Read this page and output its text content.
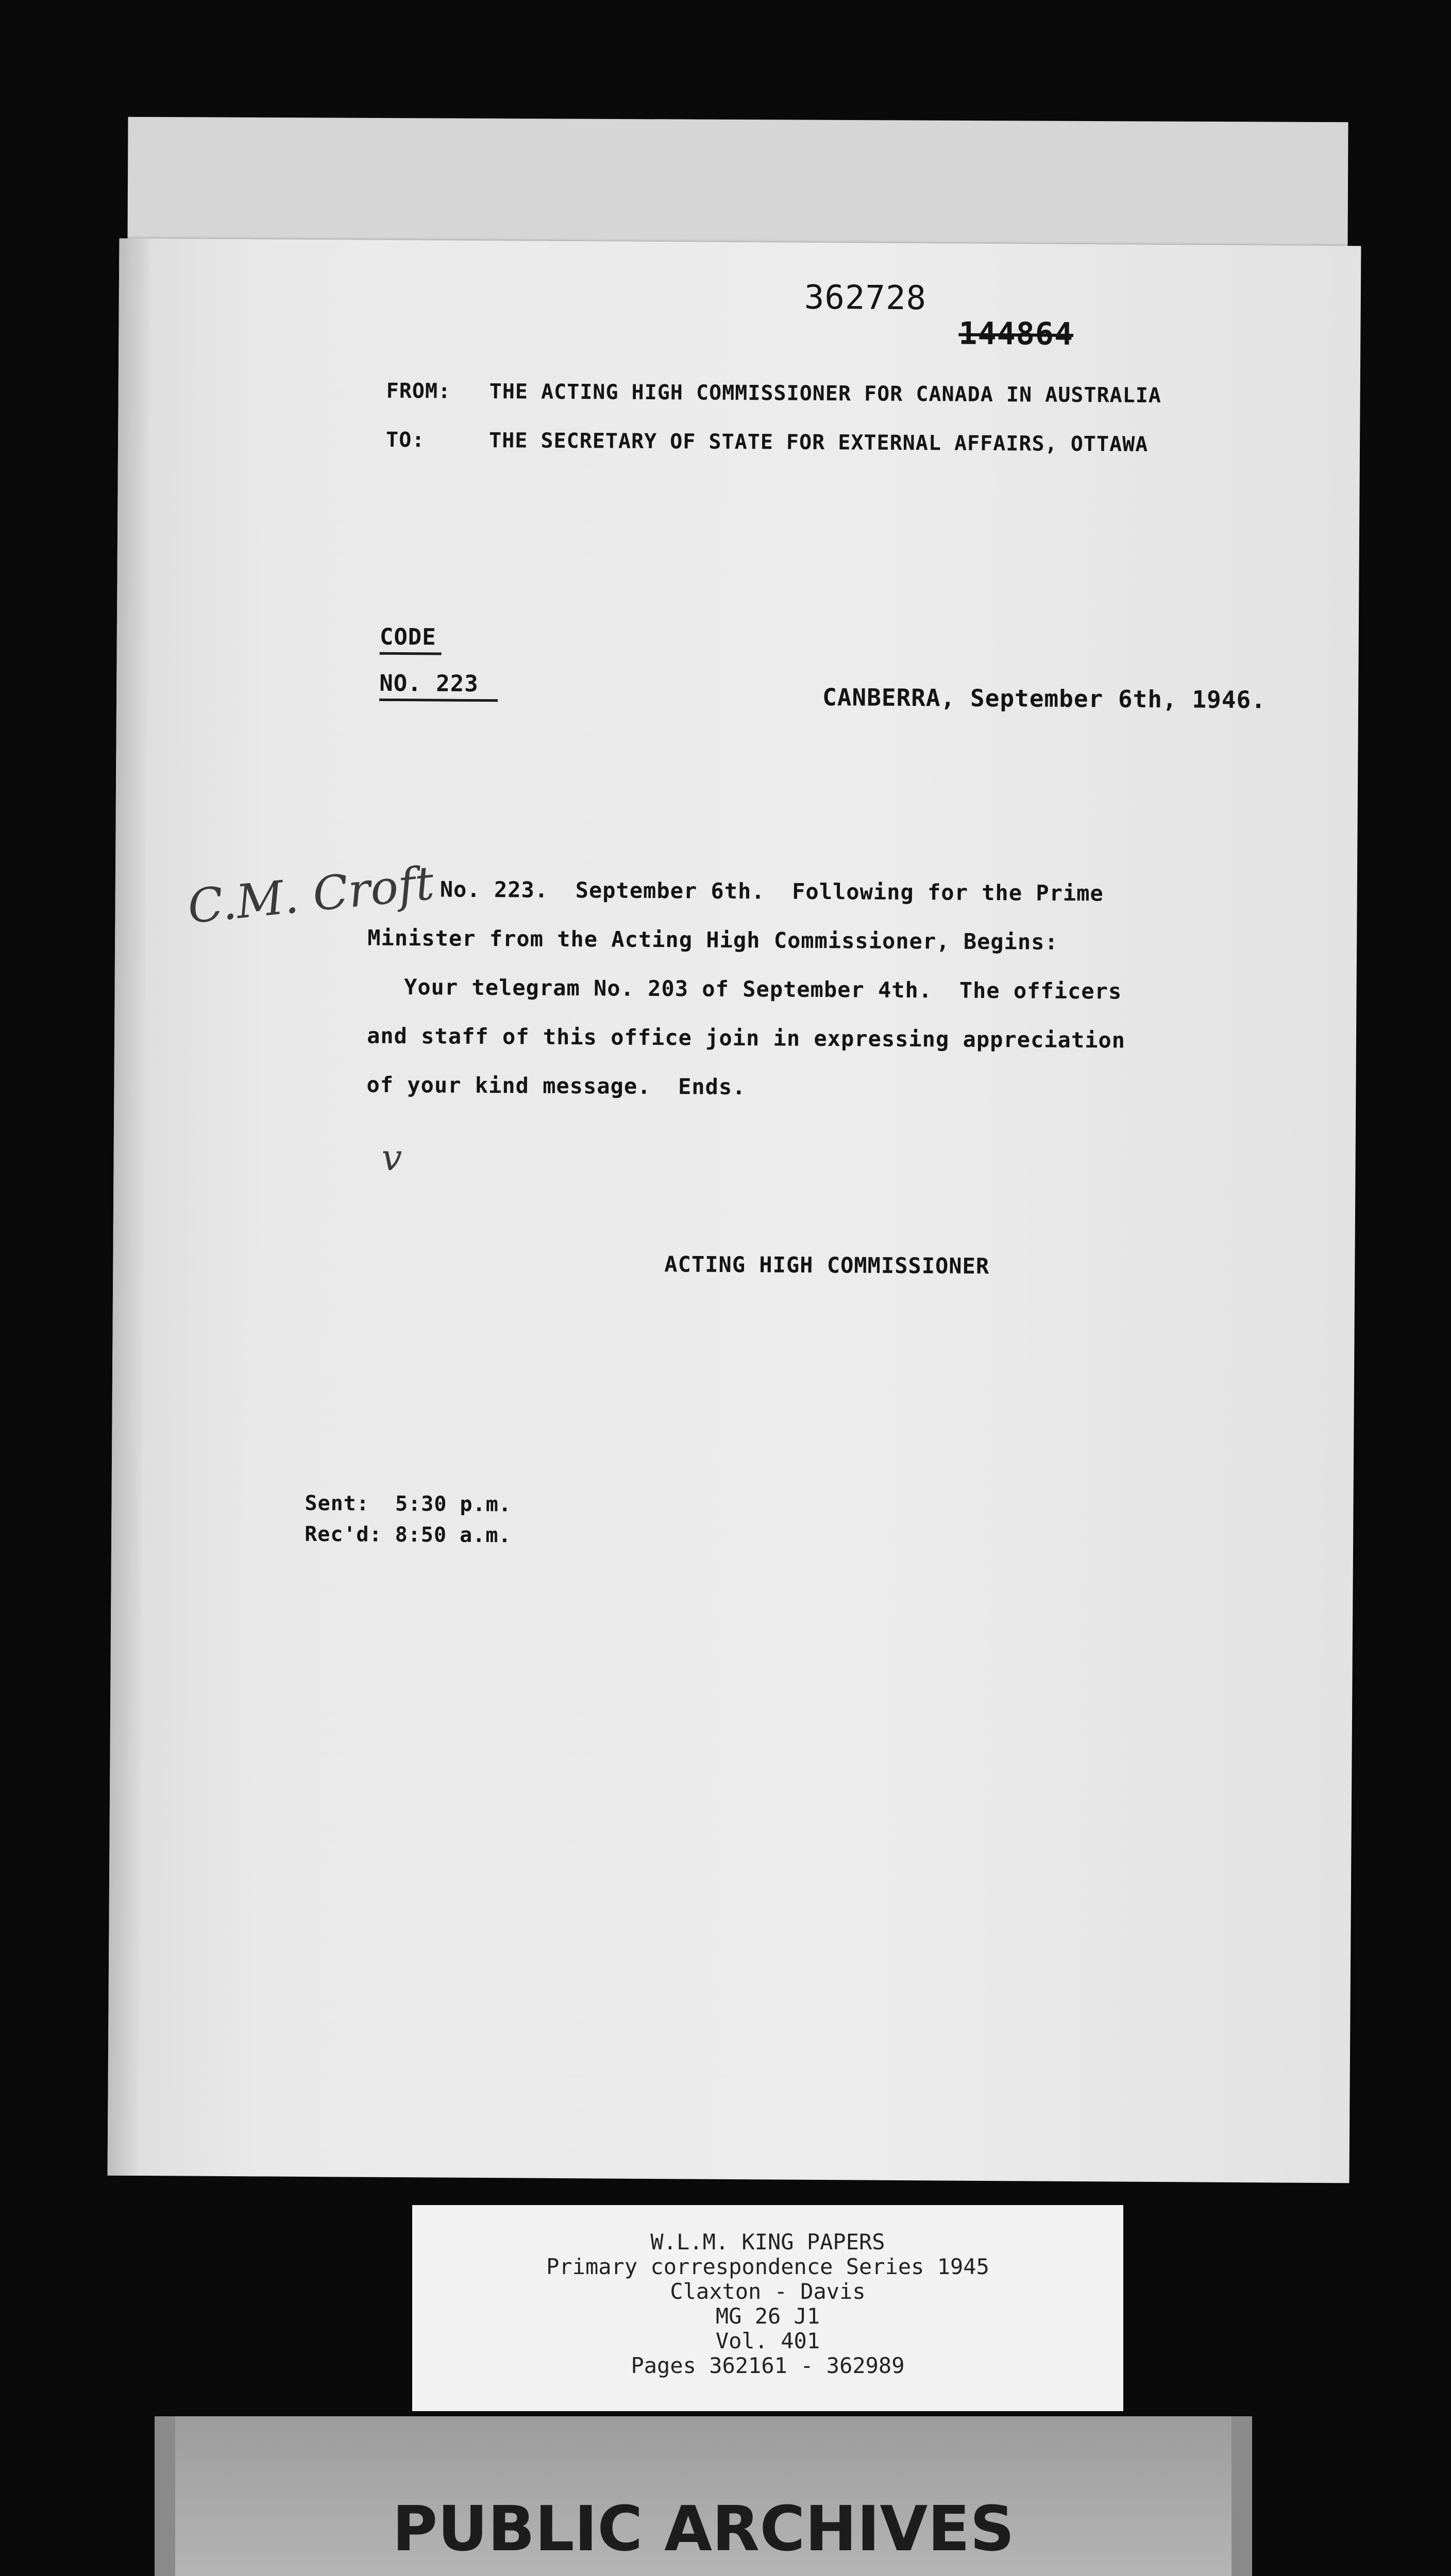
362728
144864
FROM: THE ACTING HIGH COMMISSIONER FOR CANADA IN AUSTRALIA
TO:	THE SECRETARY OF STATE FOR EXTERNAL AFFAIRS, OTTAWA
CODE
NO. 223	CANBERRA, September 6th, 1946.
C.M. Croft No. 223.  September 6th.  Following for the Prime
Minister from the Acting High Commissioner, Begins:
Your telegram No. 203 of September 4th.  The officers
and staff of this office join in expressing appreciation
of your kind message.  Ends.
v
ACTING HIGH COMMISSIONER
Sent:  5:30 p.m.
Rec'd: 8:50 a.m.
W.L.M. KING PAPERS
Primary correspondence Series 1945
Claxton - Davis
MG 26 J1
Vol. 401
Pages 362161 - 362989
PUBLIC ARCHIVES
